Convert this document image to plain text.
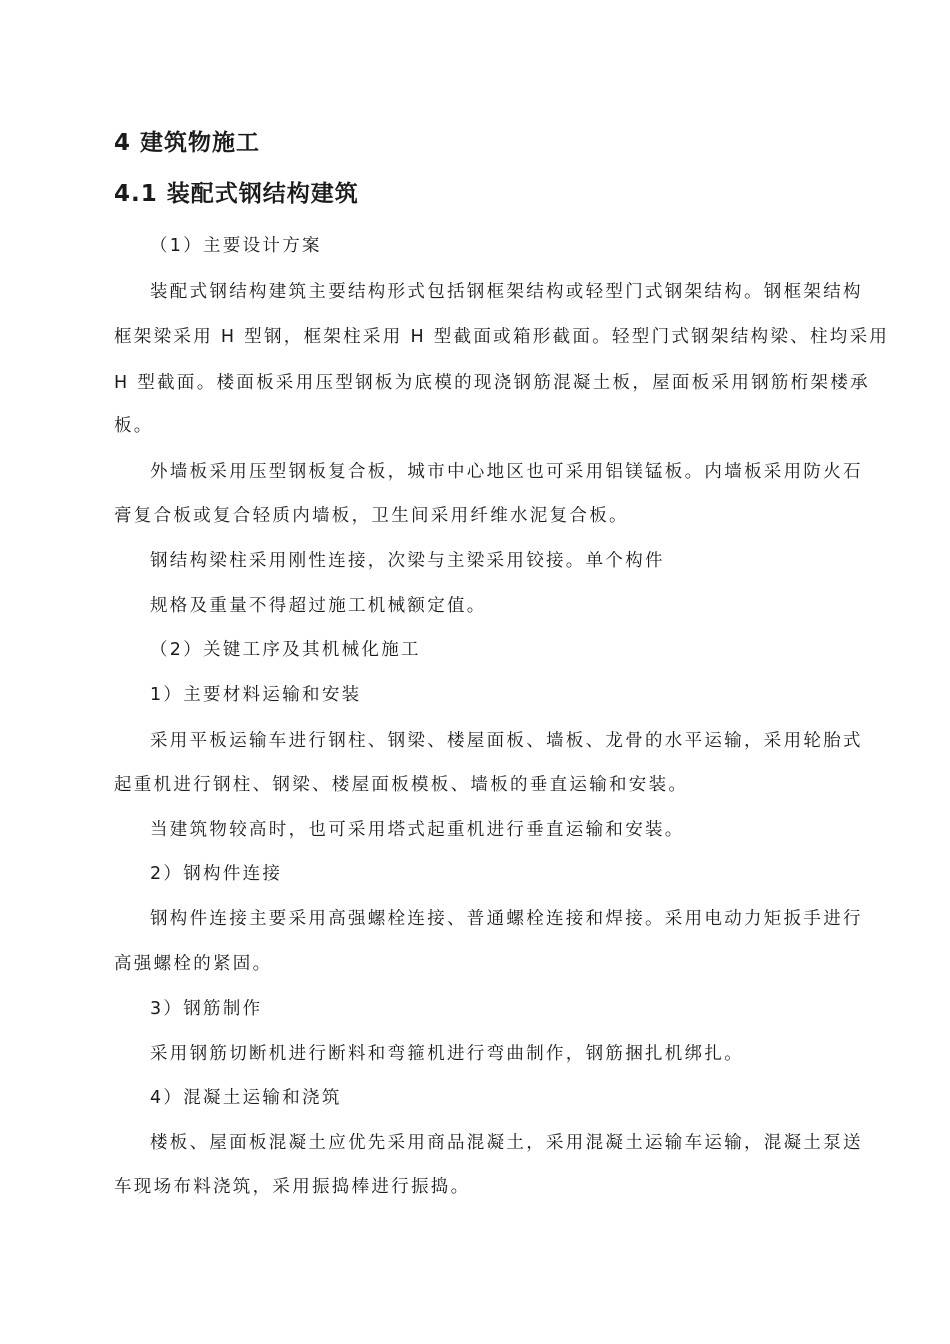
4 建筑物施工
4.1 装配式钢结构建筑

（1）主要设计方案

装配式钢结构建筑主要结构形式包括钢框架结构或轻型门式钢架结构。钢框架结构

框架梁采用 H 型钢，框架柱采用 H 型截面或箱形截面。轻型门式钢架结构梁、柱均采用

H 型截面。楼面板采用压型钢板为底模的现浇钢筋混凝土板，屋面板采用钢筋桁架楼承

板。

外墙板采用压型钢板复合板，城市中心地区也可采用铝镁锰板。内墙板采用防火石

膏复合板或复合轻质内墙板，卫生间采用纤维水泥复合板。

钢结构梁柱采用刚性连接，次梁与主梁采用铰接。单个构件

规格及重量不得超过施工机械额定值。

（2）关键工序及其机械化施工

1）主要材料运输和安装

采用平板运输车进行钢柱、钢梁、楼屋面板、墙板、龙骨的水平运输，采用轮胎式

起重机进行钢柱、钢梁、楼屋面板模板、墙板的垂直运输和安装。

当建筑物较高时，也可采用塔式起重机进行垂直运输和安装。

2）钢构件连接

钢构件连接主要采用高强螺栓连接、普通螺栓连接和焊接。采用电动力矩扳手进行

高强螺栓的紧固。

3）钢筋制作

采用钢筋切断机进行断料和弯箍机进行弯曲制作，钢筋捆扎机绑扎。

4）混凝土运输和浇筑

楼板、屋面板混凝土应优先采用商品混凝土，采用混凝土运输车运输，混凝土泵送

车现场布料浇筑，采用振捣棒进行振捣。
